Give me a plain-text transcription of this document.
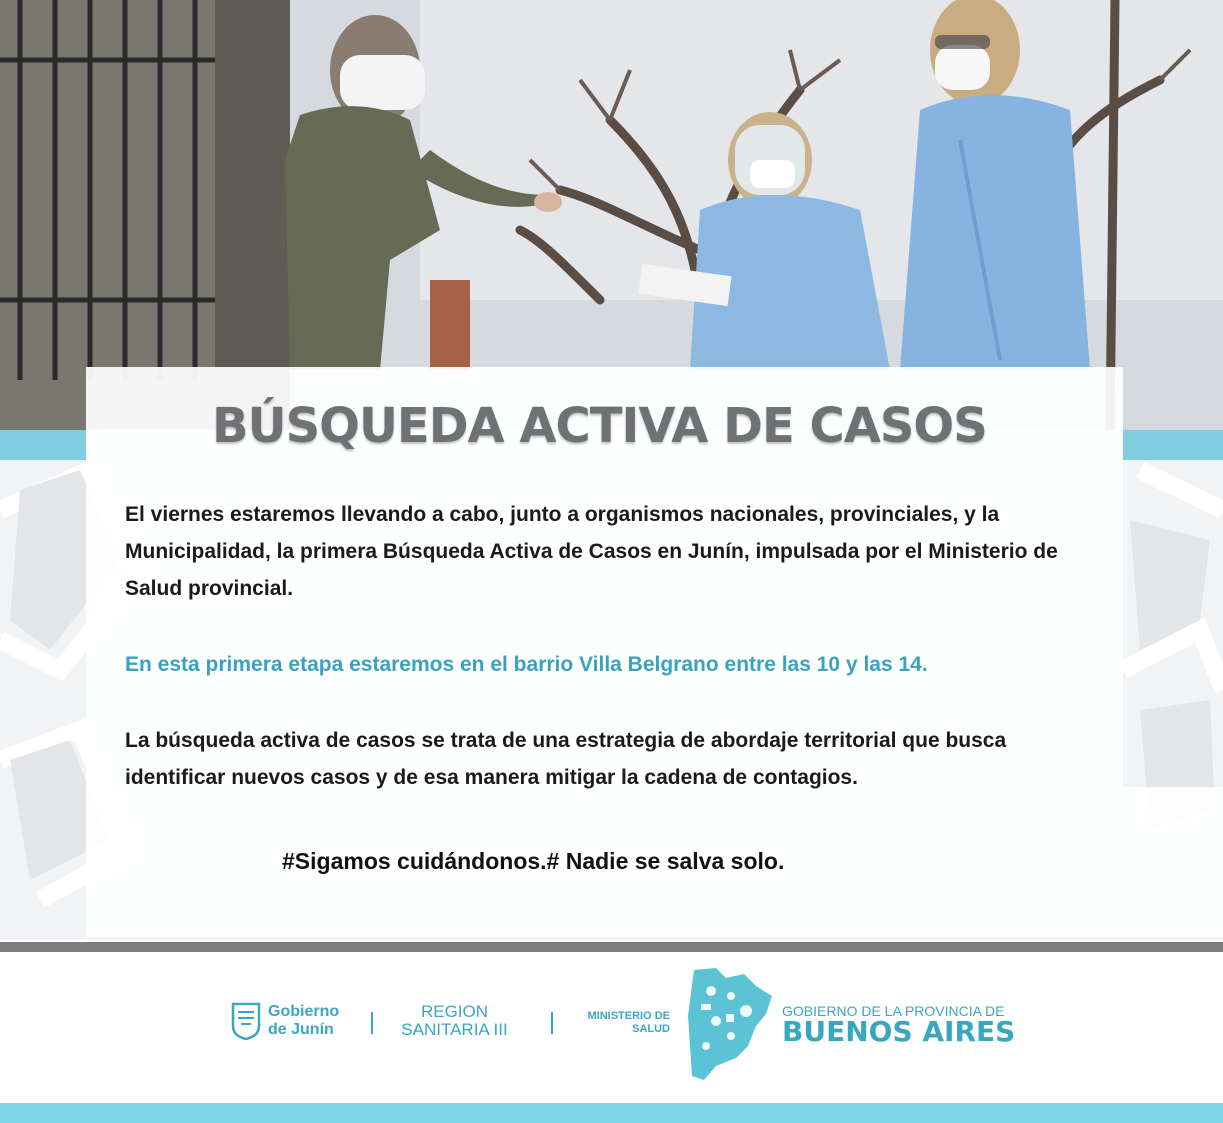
BÚSQUEDA ACTIVA DE CASOS
El viernes estaremos llevando a cabo, junto a organismos nacionales, provinciales, y la Municipalidad, la primera Búsqueda Activa de Casos en Junín, impulsada por el Ministerio de Salud provincial.
En esta primera etapa estaremos en el barrio Villa Belgrano entre las 10 y las 14.
La búsqueda activa de casos se trata de una estrategia de abordaje territorial que busca identificar nuevos casos y de esa manera mitigar la cadena de contagios.
#Sigamos cuidándonos.# Nadie se salva solo.
Gobierno
de Junín
REGION
SANITARIA III
MINISTERIO DE
SALUD
GOBIERNO DE LA PROVINCIA DE
BUENOS AIRES
